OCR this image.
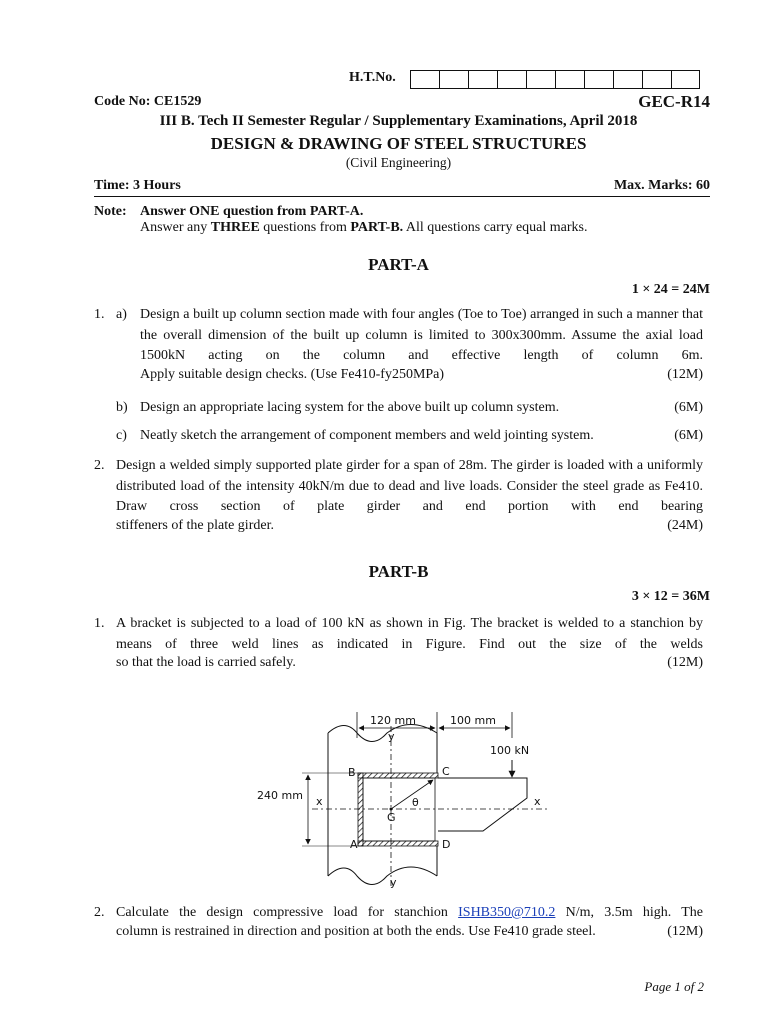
H.T.No.
Code No: CE1529	GEC-R14
III B. Tech II Semester Regular / Supplementary Examinations, April 2018
DESIGN & DRAWING OF STEEL STRUCTURES
(Civil Engineering)
Time: 3 Hours	Max. Marks: 60
Note: Answer ONE question from PART-A.
Answer any THREE questions from PART-B. All questions carry equal marks.
PART-A
1 × 24 = 24M
1. a) Design a built up column section made with four angles (Toe to Toe) arranged in such a manner that the overall dimension of the built up column is limited to 300x300mm. Assume the axial load 1500kN acting on the column and effective length of column 6m.
Apply suitable design checks. (Use Fe410-fy250MPa)	(12M)
b) Design an appropriate lacing system for the above built up column system.	(6M)
c) Neatly sketch the arrangement of component members and weld jointing system.	(6M)
2. Design a welded simply supported plate girder for a span of 28m. The girder is loaded with a uniformly distributed load of the intensity 40kN/m due to dead and live loads. Consider the steel grade as Fe410. Draw cross section of plate girder and end portion with end bearing
stiffeners of the plate girder.	(24M)
PART-B
3 × 12 = 36M
1. A bracket is subjected to a load of 100 kN as shown in Fig. The bracket is welded to a stanchion by means of three weld lines as indicated in Figure. Find out the size of the welds
so that the load is carried safely.	(12M)
120 mm	100 mm
y
y
100 kN
x	x
240 mm
B	C
A	D
G
θ
2. Calculate the design compressive load for stanchion ISHB350@710.2 N/m, 3.5m high. The
column is restrained in direction and position at both the ends. Use Fe410 grade steel.	(12M)
Page 1 of 2
